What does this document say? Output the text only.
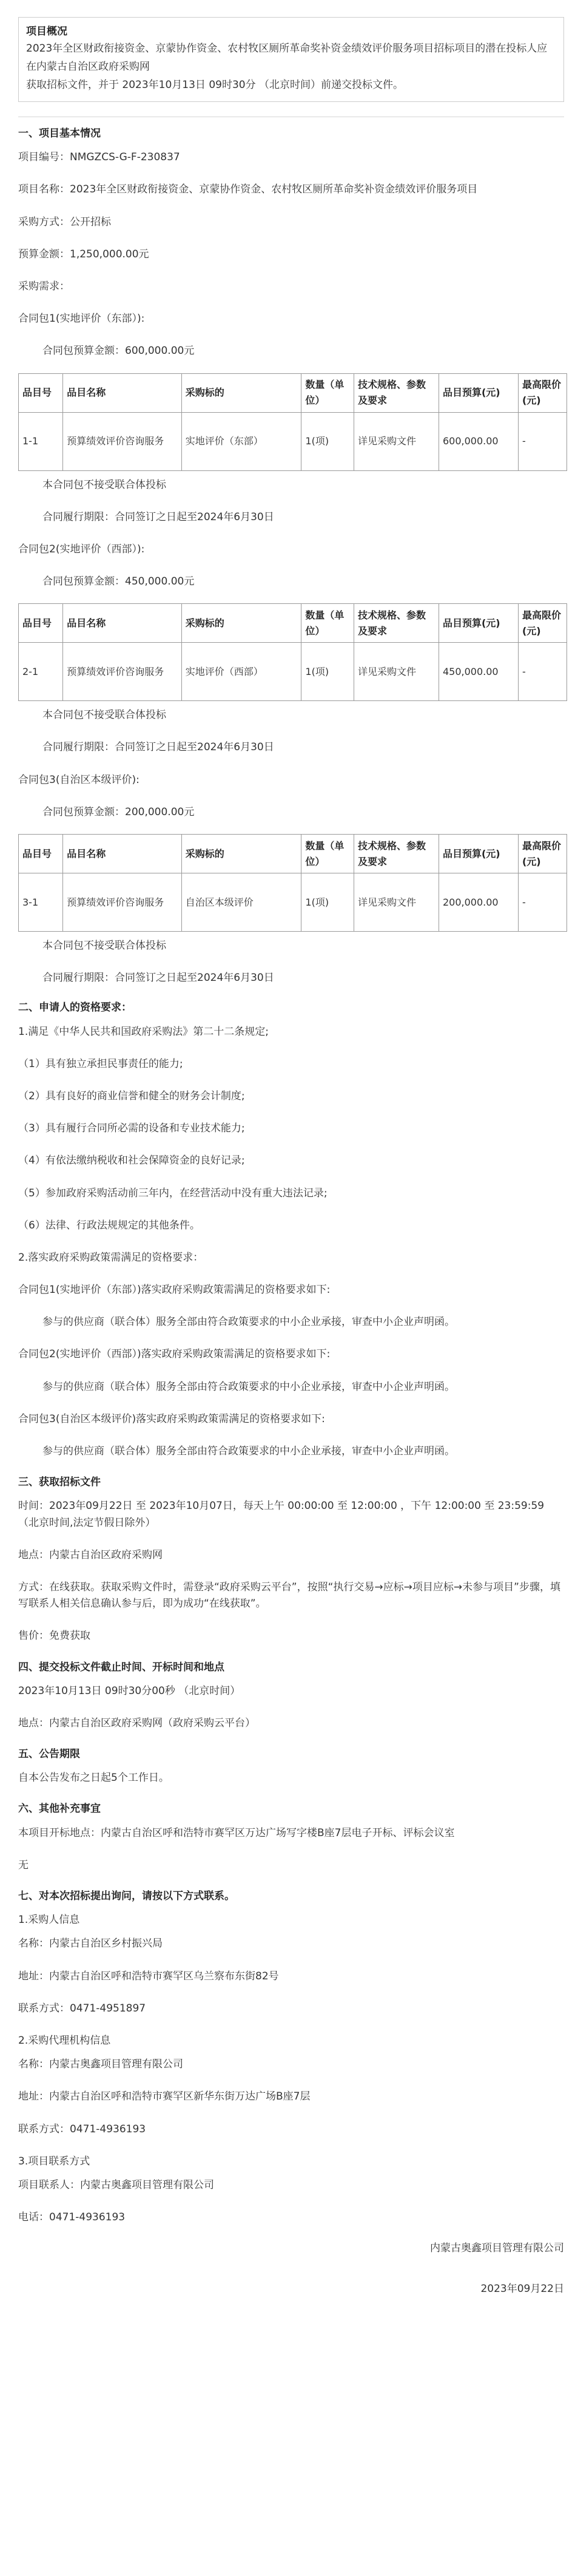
项目概况

2023年全区财政衔接资金、京蒙协作资金、农村牧区厕所革命奖补资金绩效评价服务项目招标项目的潜在投标人应在内蒙古自治区政府采购网

获取招标文件，并于 2023年10月13日 09时30分 （北京时间）前递交投标文件。

一、项目基本情况
项目编号：NMGZCS-G-F-230837
项目名称：2023年全区财政衔接资金、京蒙协作资金、农村牧区厕所革命奖补资金绩效评价服务项目
采购方式：公开招标
预算金额：1,250,000.00元
采购需求：
合同包1(实地评价（东部）):
合同包预算金额：600,000.00元
品目号	品目名称	采购标的	数量（单位）	技术规格、参数及要求	品目预算(元)	最高限价(元)
1-1	预算绩效评价咨询服务	实地评价（东部）	1(项)	详见采购文件	600,000.00	-
本合同包不接受联合体投标
合同履行期限：合同签订之日起至2024年6月30日
合同包2(实地评价（西部）):
合同包预算金额：450,000.00元
品目号	品目名称	采购标的	数量（单位）	技术规格、参数及要求	品目预算(元)	最高限价(元)
2-1	预算绩效评价咨询服务	实地评价（西部）	1(项)	详见采购文件	450,000.00	-
本合同包不接受联合体投标
合同履行期限：合同签订之日起至2024年6月30日
合同包3(自治区本级评价):
合同包预算金额：200,000.00元
品目号	品目名称	采购标的	数量（单位）	技术规格、参数及要求	品目预算(元)	最高限价(元)
3-1	预算绩效评价咨询服务	自治区本级评价	1(项)	详见采购文件	200,000.00	-
本合同包不接受联合体投标
合同履行期限：合同签订之日起至2024年6月30日
二、申请人的资格要求：
1.满足《中华人民共和国政府采购法》第二十二条规定;
（1）具有独立承担民事责任的能力;
（2）具有良好的商业信誉和健全的财务会计制度;
（3）具有履行合同所必需的设备和专业技术能力;
（4）有依法缴纳税收和社会保障资金的良好记录;
（5）参加政府采购活动前三年内，在经营活动中没有重大违法记录;
（6）法律、行政法规规定的其他条件。
2.落实政府采购政策需满足的资格要求：
合同包1(实地评价（东部）)落实政府采购政策需满足的资格要求如下:
参与的供应商（联合体）服务全部由符合政策要求的中小企业承接，审查中小企业声明函。
合同包2(实地评价（西部）)落实政府采购政策需满足的资格要求如下:
参与的供应商（联合体）服务全部由符合政策要求的中小企业承接，审查中小企业声明函。
合同包3(自治区本级评价)落实政府采购政策需满足的资格要求如下:
参与的供应商（联合体）服务全部由符合政策要求的中小企业承接，审查中小企业声明函。
三、获取招标文件
时间：2023年09月22日 至 2023年10月07日，每天上午 00:00:00 至 12:00:00 ，下午 12:00:00 至 23:59:59 （北京时间,法定节假日除外）
地点：内蒙古自治区政府采购网
方式：在线获取。获取采购文件时，需登录“政府采购云平台”，按照“执行交易→应标→项目应标→未参与项目”步骤，填写联系人相关信息确认参与后，即为成功“在线获取”。
售价：免费获取
四、提交投标文件截止时间、开标时间和地点
2023年10月13日 09时30分00秒 （北京时间）
地点：内蒙古自治区政府采购网（政府采购云平台）
五、公告期限
自本公告发布之日起5个工作日。
六、其他补充事宜
本项目开标地点：内蒙古自治区呼和浩特市赛罕区万达广场写字楼B座7层电子开标、评标会议室
无
七、对本次招标提出询问，请按以下方式联系。
1.采购人信息
名称：内蒙古自治区乡村振兴局
地址：内蒙古自治区呼和浩特市赛罕区乌兰察布东街82号
联系方式：0471-4951897
2.采购代理机构信息
名称：内蒙古奥鑫项目管理有限公司
地址：内蒙古自治区呼和浩特市赛罕区新华东街万达广场B座7层
联系方式：0471-4936193
3.项目联系方式
项目联系人：内蒙古奥鑫项目管理有限公司
电话：0471-4936193
内蒙古奥鑫项目管理有限公司
2023年09月22日
